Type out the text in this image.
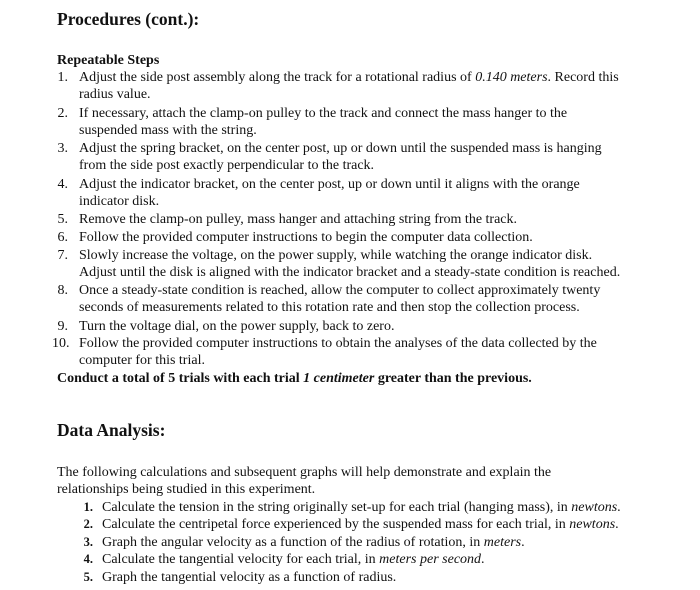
Procedures (cont.):
Repeatable Steps
1. Adjust the side post assembly along the track for a rotational radius of 0.140 meters. Record this
radius value.
2. If necessary, attach the clamp-on pulley to the track and connect the mass hanger to the
suspended mass with the string.
3. Adjust the spring bracket, on the center post, up or down until the suspended mass is hanging
from the side post exactly perpendicular to the track.
4. Adjust the indicator bracket, on the center post, up or down until it aligns with the orange
indicator disk.
5. Remove the clamp-on pulley, mass hanger and attaching string from the track.
6. Follow the provided computer instructions to begin the computer data collection.
7. Slowly increase the voltage, on the power supply, while watching the orange indicator disk.
Adjust until the disk is aligned with the indicator bracket and a steady-state condition is reached.
8. Once a steady-state condition is reached, allow the computer to collect approximately twenty
seconds of measurements related to this rotation rate and then stop the collection process.
9. Turn the voltage dial, on the power supply, back to zero.
10. Follow the provided computer instructions to obtain the analyses of the data collected by the
computer for this trial.
Conduct a total of 5 trials with each trial 1 centimeter greater than the previous.
Data Analysis:
The following calculations and subsequent graphs will help demonstrate and explain the
relationships being studied in this experiment.
1. Calculate the tension in the string originally set-up for each trial (hanging mass), in newtons.
2. Calculate the centripetal force experienced by the suspended mass for each trial, in newtons.
3. Graph the angular velocity as a function of the radius of rotation, in meters.
4. Calculate the tangential velocity for each trial, in meters per second.
5. Graph the tangential velocity as a function of radius.
